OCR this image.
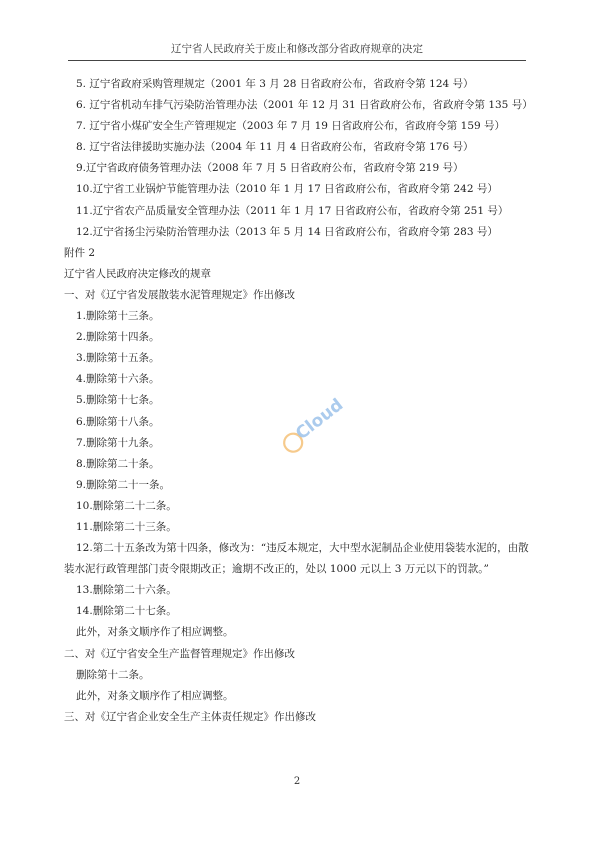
辽宁省人民政府关于废止和修改部分省政府规章的决定
5. 辽宁省政府采购管理规定（2001 年 3 月 28 日省政府公布，省政府令第 124 号）
6. 辽宁省机动车排气污染防治管理办法（2001 年 12 月 31 日省政府公布，省政府令第 135 号）
7. 辽宁省小煤矿安全生产管理规定（2003 年 7 月 19 日省政府公布，省政府令第 159 号）
8. 辽宁省法律援助实施办法（2004 年 11 月 4 日省政府公布，省政府令第 176 号）
9.辽宁省政府债务管理办法（2008 年 7 月 5 日省政府公布，省政府令第 219 号）
10.辽宁省工业锅炉节能管理办法（2010 年 1 月 17 日省政府公布，省政府令第 242 号）
11.辽宁省农产品质量安全管理办法（2011 年 1 月 17 日省政府公布，省政府令第 251 号）
12.辽宁省扬尘污染防治管理办法（2013 年 5 月 14 日省政府公布，省政府令第 283 号）
附件 2
辽宁省人民政府决定修改的规章
一、对《辽宁省发展散装水泥管理规定》作出修改
1.删除第十三条。
2.删除第十四条。
3.删除第十五条。
4.删除第十六条。
5.删除第十七条。
6.删除第十八条。
7.删除第十九条。
8.删除第二十条。
9.删除第二十一条。
10.删除第二十二条。
11.删除第二十三条。
12.第二十五条改为第十四条，修改为：“违反本规定，大中型水泥制品企业使用袋装水泥的，由散
装水泥行政管理部门责令限期改正；逾期不改正的，处以 1000 元以上 3 万元以下的罚款。”
13.删除第二十六条。
14.删除第二十七条。
此外，对条文顺序作了相应调整。
二、对《辽宁省安全生产监督管理规定》作出修改
删除第十二条。
此外，对条文顺序作了相应调整。
三、对《辽宁省企业安全生产主体责任规定》作出修改
Cloud
2
